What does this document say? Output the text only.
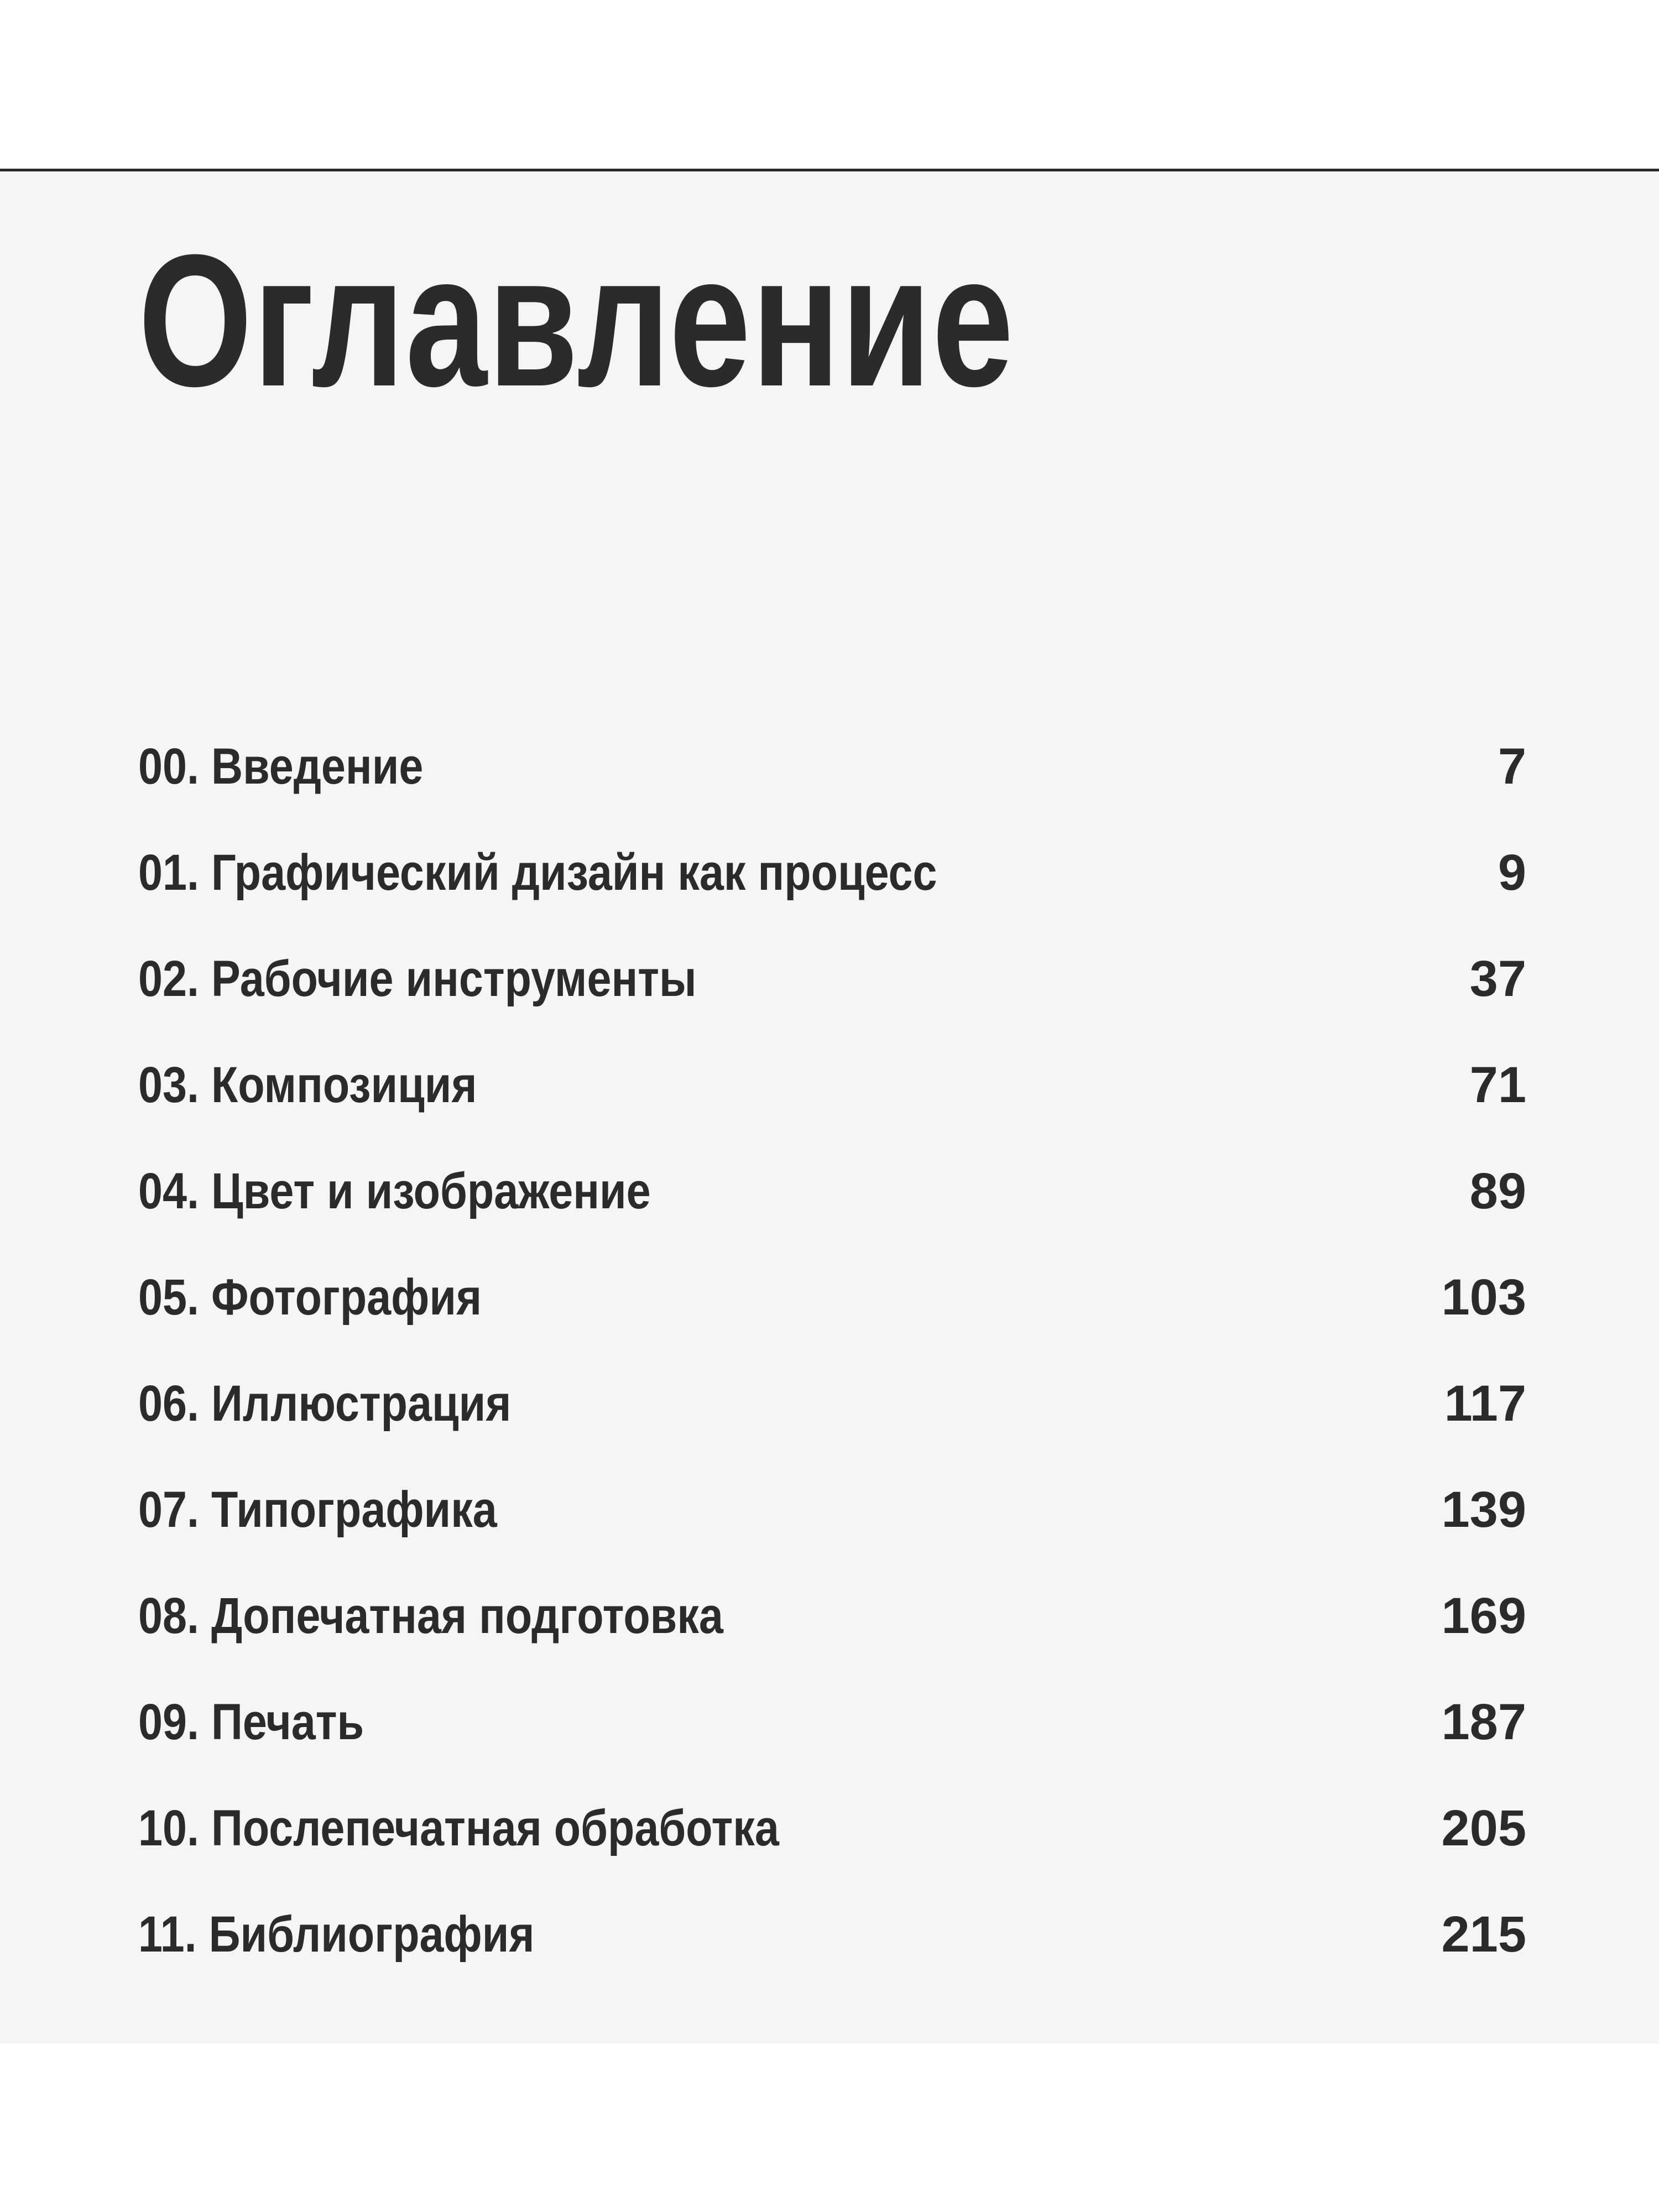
Оглавление
00. Введение	7
01. Графический дизайн как процесс	9
02. Рабочие инструменты	37
03. Композиция	71
04. Цвет и изображение	89
05. Фотография	103
06. Иллюстрация	117
07. Типографика	139
08. Допечатная подготовка	169
09. Печать	187
10. Послепечатная обработка	205
11. Библиография	215
